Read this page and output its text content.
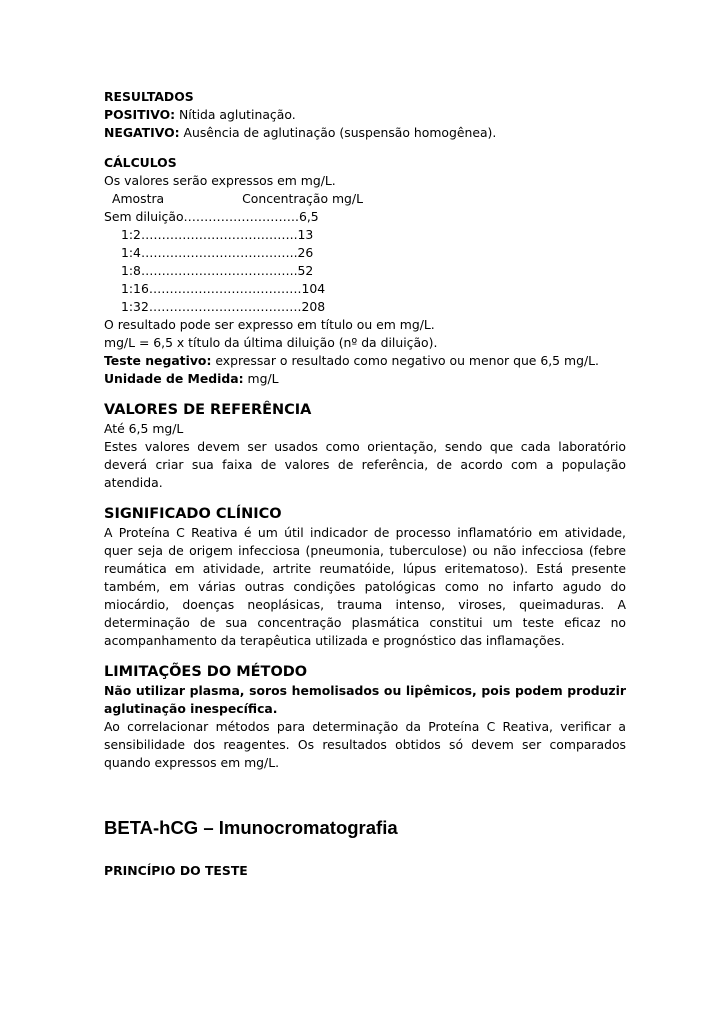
RESULTADOS

POSITIVO: Nítida aglutinação.

NEGATIVO: Ausência de aglutinação (suspensão homogênea).

CÁLCULOS

Os valores serão expressos em mg/L.

Amostra	Concentração mg/L
Sem diluição……………………….6,5
1:2………………………………..13
1:4………………………………..26
1:8………………………………..52
1:16……………………………….104
1:32……………………………….208

O resultado pode ser expresso em título ou em mg/L.

mg/L = 6,5 x título da última diluição (nº da diluição).

Teste negativo: expressar o resultado como negativo ou menor que 6,5 mg/L.

Unidade de Medida: mg/L

VALORES DE REFERÊNCIA

Até 6,5 mg/L

Estes valores devem ser usados como orientação, sendo que cada laboratório deverá criar sua faixa de valores de referência, de acordo com a população atendida.

SIGNIFICADO CLÍNICO

A Proteína C Reativa é um útil indicador de processo inflamatório em atividade, quer seja de origem infecciosa (pneumonia, tuberculose) ou não infecciosa (febre reumática em atividade, artrite reumatóide, lúpus eritematoso). Está presente também, em várias outras condições patológicas como no infarto agudo do miocárdio, doenças neoplásicas, trauma intenso, viroses, queimaduras. A determinação de sua concentração plasmática constitui um teste eficaz no acompanhamento da terapêutica utilizada e prognóstico das inflamações.

LIMITAÇÕES DO MÉTODO

Não utilizar plasma, soros hemolisados ou lipêmicos, pois podem produzir aglutinação inespecífica.

Ao correlacionar métodos para determinação da Proteína C Reativa, verificar a sensibilidade dos reagentes. Os resultados obtidos só devem ser comparados quando expressos em mg/L.

BETA-hCG – Imunocromatografia

PRINCÍPIO DO TESTE
